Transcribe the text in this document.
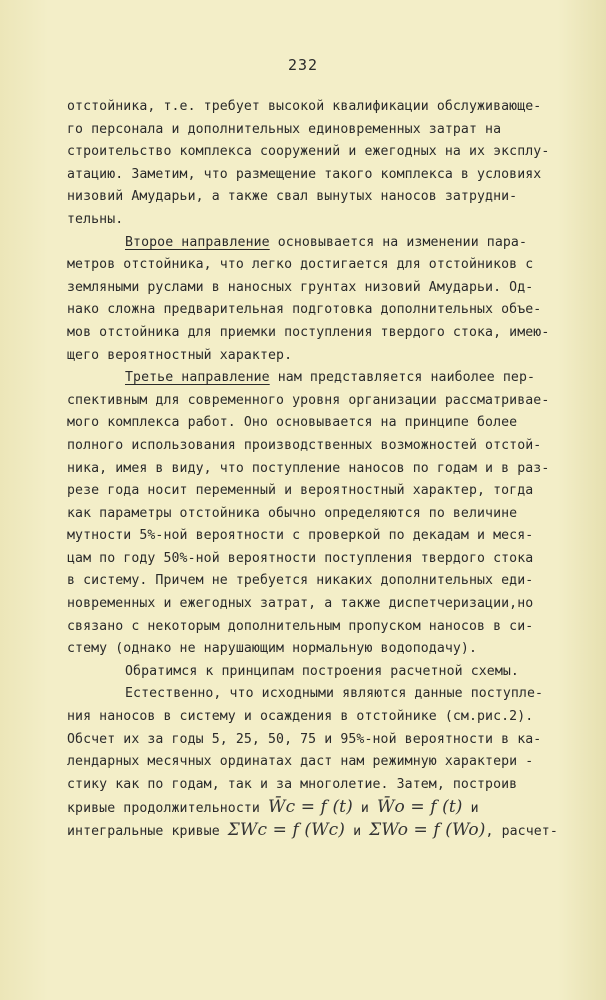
232
отстойника, т.е. требует высокой квалификации обслуживающе-
го персонала и дополнительных единовременных затрат на
строительство комплекса сооружений и ежегодных на их эксплу-
атацию. Заметим, что размещение такого комплекса в условиях
низовий Амударьи, а также свал вынутых наносов затрудни-
тельны.
Второе направление основывается на изменении пара-
метров отстойника, что легко достигается для отстойников с
земляными руслами в наносных грунтах низовий Амударьи. Од-
нако сложна предварительная подготовка дополнительных объе-
мов отстойника для приемки поступления твердого стока, имею-
щего вероятностный характер.
Третье направление нам представляется наиболее пер-
спективным для современного уровня организации рассматривае-
мого комплекса работ. Оно основывается на принципе более
полного использования производственных возможностей отстой-
ника, имея в виду, что поступление наносов по годам и в раз-
резе года носит переменный и вероятностный характер, тогда
как параметры отстойника обычно определяются по величине
мутности 5%-ной вероятности с проверкой по декадам и меся-
цам по году 50%-ной вероятности поступления твердого стока
в систему. Причем не требуется никаких дополнительных еди-
новременных и ежегодных затрат, а также диспетчеризации,но
связано с некоторым дополнительным пропуском наносов в си-
стему (однако не нарушающим нормальную водоподачу).
Обратимся к принципам построения расчетной схемы.
Естественно, что исходными являются данные поступле-
ния наносов в систему и осаждения в отстойнике (см.рис.2).
Обсчет их за годы 5, 25, 50, 75 и 95%-ной вероятности в ка-
лендарных месячных ординатах даст нам режимную характери -
стику как по годам, так и за многолетие. Затем, построив
кривые продолжительности W̄c = f (t) и W̄o = f (t) и
интегральные кривые ΣWc = f (Wc) и ΣWo = f (Wo), расчет-
